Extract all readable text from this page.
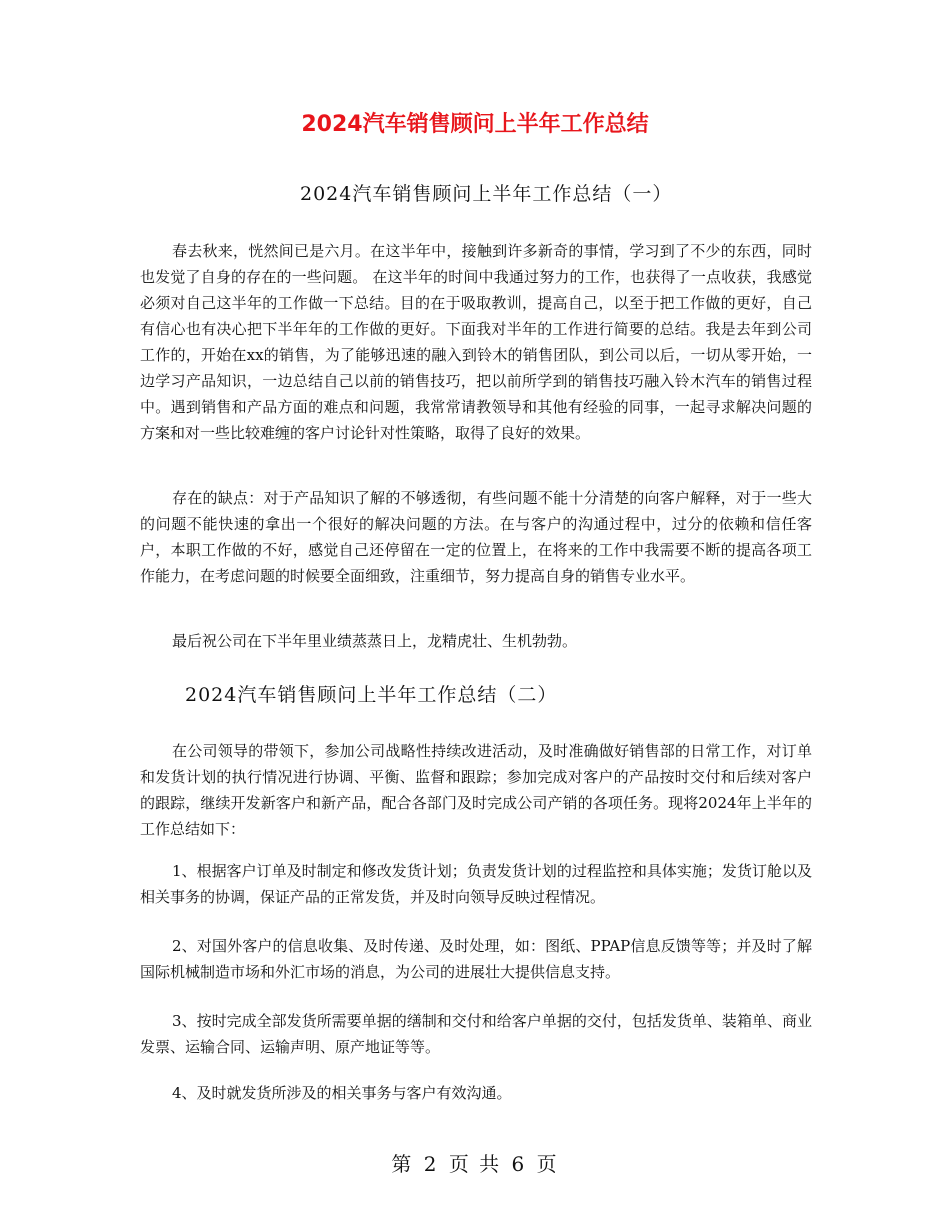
2024汽车销售顾问上半年工作总结
2024汽车销售顾问上半年工作总结（一）
春去秋来，恍然间已是六月。在这半年中，接触到许多新奇的事情，学习到了不少的东西，同时也发觉了自身的存在的一些问题。 在这半年的时间中我通过努力的工作，也获得了一点收获，我感觉必须对自己这半年的工作做一下总结。目的在于吸取教训，提高自己，以至于把工作做的更好，自己有信心也有决心把下半年年的工作做的更好。下面我对半年的工作进行简要的总结。我是去年到公司工作的，开始在xx的销售，为了能够迅速的融入到铃木的销售团队，到公司以后，一切从零开始，一边学习产品知识，一边总结自己以前的销售技巧，把以前所学到的销售技巧融入铃木汽车的销售过程中。遇到销售和产品方面的难点和问题，我常常请教领导和其他有经验的同事，一起寻求解决问题的方案和对一些比较难缠的客户讨论针对性策略，取得了良好的效果。
存在的缺点：对于产品知识了解的不够透彻，有些问题不能十分清楚的向客户解释，对于一些大的问题不能快速的拿出一个很好的解决问题的方法。在与客户的沟通过程中，过分的依赖和信任客户，本职工作做的不好，感觉自己还停留在一定的位置上，在将来的工作中我需要不断的提高各项工作能力，在考虑问题的时候要全面细致，注重细节，努力提高自身的销售专业水平。
最后祝公司在下半年里业绩蒸蒸日上，龙精虎壮、生机勃勃。
2024汽车销售顾问上半年工作总结（二）
在公司领导的带领下，参加公司战略性持续改进活动，及时准确做好销售部的日常工作，对订单和发货计划的执行情况进行协调、平衡、监督和跟踪；参加完成对客户的产品按时交付和后续对客户的跟踪，继续开发新客户和新产品，配合各部门及时完成公司产销的各项任务。现将2024年上半年的工作总结如下：
1、根据客户订单及时制定和修改发货计划；负责发货计划的过程监控和具体实施；发货订舱以及相关事务的协调，保证产品的正常发货，并及时向领导反映过程情况。
2、对国外客户的信息收集、及时传递、及时处理，如：图纸、PPAP信息反馈等等；并及时了解国际机械制造市场和外汇市场的消息，为公司的进展壮大提供信息支持。
3、按时完成全部发货所需要单据的缮制和交付和给客户单据的交付，包括发货单、装箱单、商业发票、运输合同、运输声明、原产地证等等。
4、及时就发货所涉及的相关事务与客户有效沟通。
第 2 页 共 6 页
